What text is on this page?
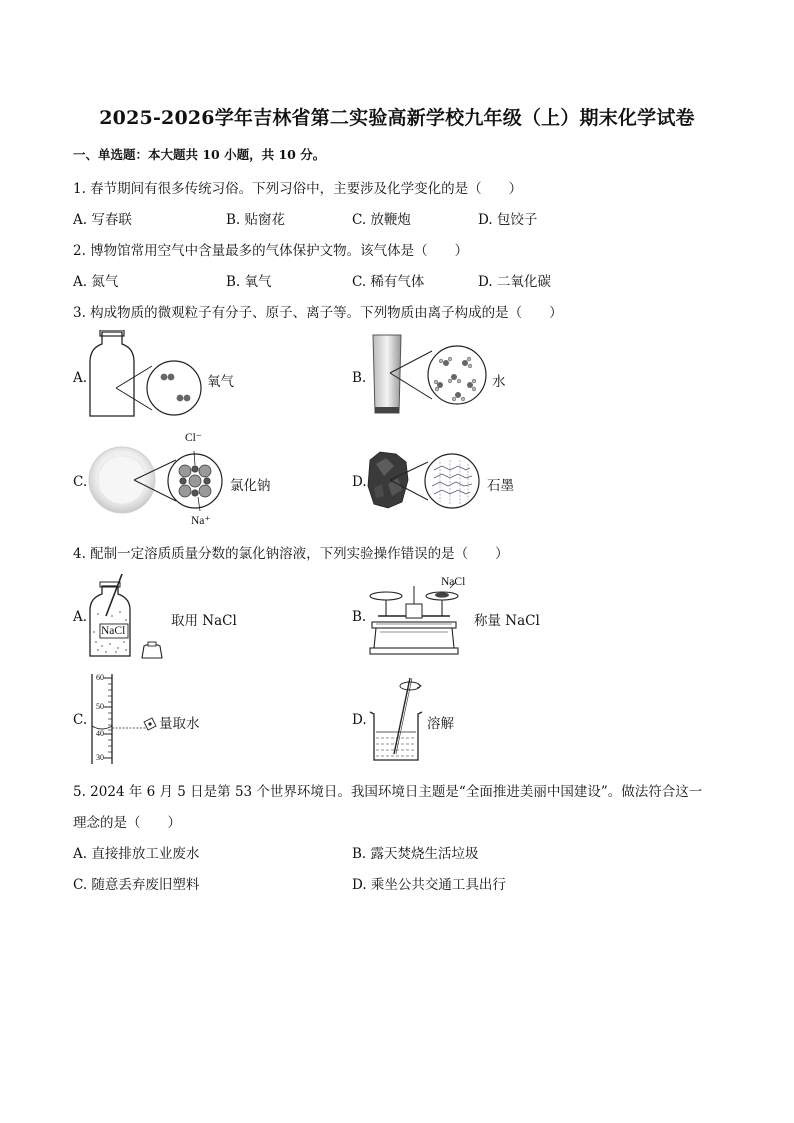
2025-2026学年吉林省第二实验高新学校九年级（上）期末化学试卷
一、单选题：本大题共 10 小题，共 10 分。
1. 春节期间有很多传统习俗。下列习俗中，主要涉及化学变化的是（　　）
A. 写春联	B. 贴窗花	C. 放鞭炮	D. 包饺子
2. 博物馆常用空气中含量最多的气体保护文物。该气体是（　　）
A. 氮气	B. 氧气	C. 稀有气体	D. 二氧化碳
3. 构成物质的微观粒子有分子、原子、离子等。下列物质由离子构成的是（　　）
A.	氧气	B.	水
C.
Cl⁻
Na⁺
氯化钠	D.	石墨
4. 配制一定溶质质量分数的氯化钠溶液，下列实验操作错误的是（　　）
A.
NaCl
取用 NaCl	B.
NaCl
称量 NaCl
C.
60
50
40
30
量取水	D.	溶解
5. 2024 年 6 月 5 日是第 53 个世界环境日。我国环境日主题是“全面推进美丽中国建设”。做法符合这一
理念的是（　　）
A. 直接排放工业废水	B. 露天焚烧生活垃圾
C. 随意丢弃废旧塑料	D. 乘坐公共交通工具出行
